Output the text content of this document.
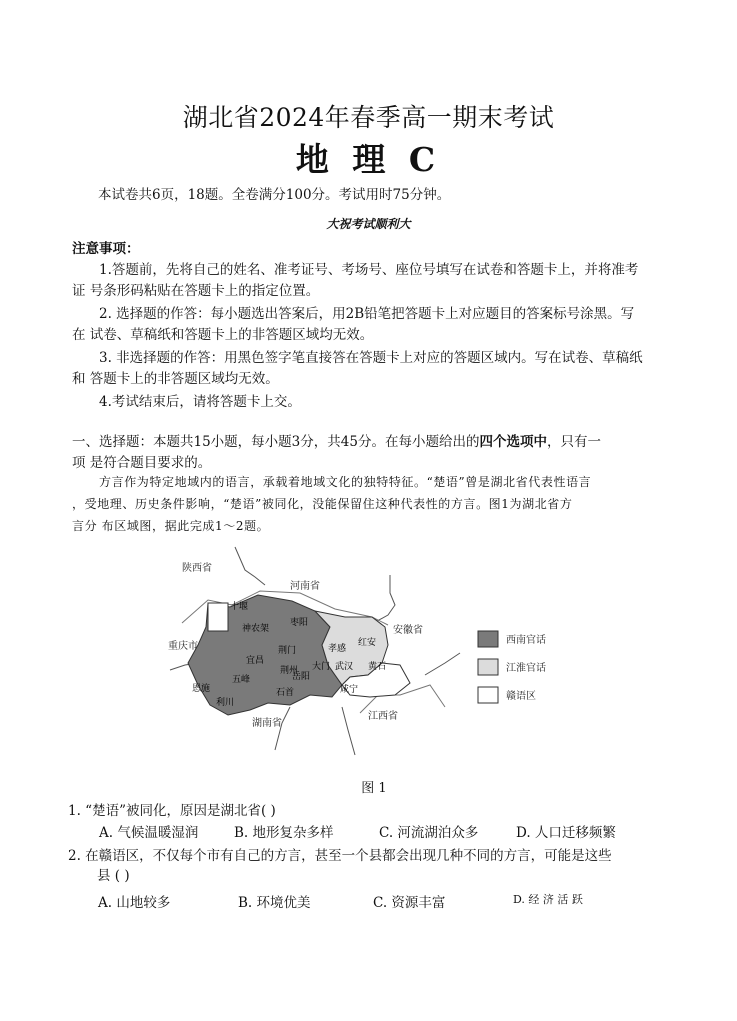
湖北省2024年春季高一期末考试
地 理 C
本试卷共6页，18题。全卷满分100分。考试用时75分钟。
大祝考试顺利大
注意事项：
1.答题前，先将自己的姓名、准考证号、考场号、座位号填写在试卷和答题卡上，并将准考
证 号条形码粘贴在答题卡上的指定位置。
2. 选择题的作答：每小题选出答案后，用2B铅笔把答题卡上对应题目的答案标号涂黑。写
在 试卷、草稿纸和答题卡上的非答题区域均无效。
3. 非选择题的作答：用黑色签字笔直接答在答题卡上对应的答题区域内。写在试卷、草稿纸
和 答题卡上的非答题区域均无效。
4.考试结束后，请将答题卡上交。
一、选择题：本题共15小题，每小题3分，共45分。在每小题给出的四个选项中，只有一
项 是符合题目要求的。
方言作为特定地域内的语言，承载着地域文化的独特特征。“楚语”曾是湖北省代表性语言
，受地理、历史条件影响，“楚语”被同化，没能保留住这种代表性的方言。图1为湖北省方
言分 布区域图，据此完成1～2题。
陕西省
河南省
安徽省
重庆市
湖南省
江西省
十堰
神农架
枣阳
孝感
红安
荆门
宜昌
大门 武汉 黄石
荆州
五峰	岳阳
咸宁
恩施	石首
利川
西南官话
江淮官话
赣语区
图 1
1. “楚语”被同化，原因是湖北省( )
A. 气候温暖湿润	B. 地形复杂多样	C. 河流湖泊众多	D. 人口迁移频繁
2. 在赣语区，不仅每个市有自己的方言，甚至一个县都会出现几种不同的方言，可能是这些
县 ( )
A. 山地较多	B. 环境优美	C. 资源丰富	D. 经 济 活 跃
